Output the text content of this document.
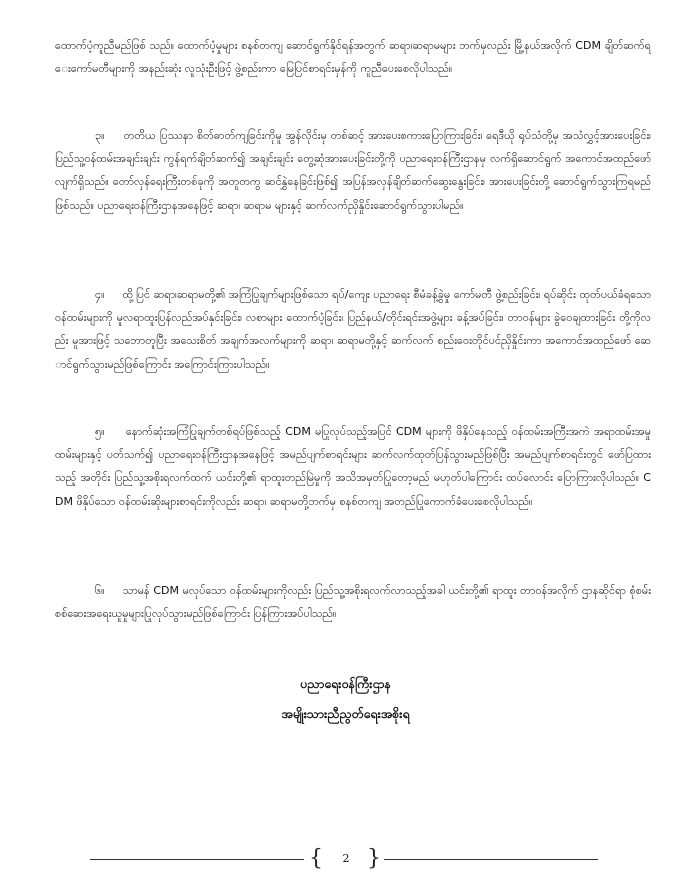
ထောက်ပံ့ကူညီမည်ဖြစ် သည်။ ထောက်ပံ့မှုများ စနစ်တကျ ဆောင်ရွက်နိုင်ရန်အတွက် ဆရာ၊ဆရာမများ ဘက်မှလည်း မြို့နယ်အလိုက် CDM ချိတ်ဆက်ရေးကော်မတီများကို အနည်းဆုံး လူသုံးဦးဖြင့် ဖွဲ့စည်းကာ မြေပြင်စာရင်းမှန်ကို ကူညီပေးစေလိုပါသည်။

၃။ တတိယ ပြဿနာ စိတ်ဓာတ်ကျခြင်းကိုမူ အွန်လိုင်းမှ တစ်ဆင့် အားပေးစကားပြောကြားခြင်း၊ ရေဒီယို ရုပ်သံတို့မှ အသံလွှင့်အားပေးခြင်း၊ ပြည်သူ့ဝန်ထမ်းအချင်းချင်း ကွန်ရက်ချိတ်ဆက်၍ အချင်းချင်း တွေ့ဆုံအားပေးခြင်းတို့ကို ပညာရေးဝန်ကြီးဌာနမှ လက်ရှိဆောင်ရွက် အကောင်အထည်ဖော်လျက်ရှိသည်။ တော်လှန်ရေးကြီးတစ်ခုကို အတူတကွ ဆင်နွှဲနေခြင်းဖြစ်၍ အပြန်အလှန်ချိတ်ဆက်ဆွေးနွေးခြင်း၊ အားပေးခြင်းတို့ ဆောင်ရွက်သွားကြရမည်ဖြစ်သည်။ ပညာရေးဝန်ကြီးဌာနအနေဖြင့် ဆရာ၊ ဆရာမ များနှင့် ဆက်လက်ညှိနှိုင်းဆောင်ရွက်သွားပါမည်။

၄။ ထို့ပြင် ဆရာ၊ဆရာမတို့၏ အကြံပြုချက်များဖြစ်သော ရပ်/ကျေး ပညာရေး စီမံခန့်ခွဲမှု ကော်မတီ ဖွဲ့စည်းခြင်း၊ ရပ်ဆိုင်း ထုတ်ပယ်ခံရသော ဝန်ထမ်းများကို မူလရာထူးပြန်လည်အပ်နှင်းခြင်း၊ လစာများ ထောက်ပံ့ခြင်း၊ ပြည်နယ်/တိုင်းရင်းအဖွဲ့များ ခန့်အပ်ခြင်း၊ တာဝန်များ ခွဲဝေချထားခြင်း တို့ကိုလည်း မူအားဖြင့် သဘောတူပြီး အသေးစိတ် အချက်အလက်များကို ဆရာ၊ ဆရာမတို့နှင့် ဆက်လက် စည်းဝေးတိုင်ပင်ညှိနှိုင်းကာ အကောင်အထည်ဖော် ဆောင်ရွက်သွားမည်ဖြစ်ကြောင်း အကြောင်းကြားပါသည်။

၅။ နောက်ဆုံးအကြံပြုချက်တစ်ရပ်ဖြစ်သည့် CDM မပြုလုပ်သည့်အပြင် CDM များကို ဖိနှိပ်နေသည့် ဝန်ထမ်းအကြီးအကဲ အရာထမ်းအမှုထမ်းများနှင့် ပတ်သက်၍ ပညာရေးဝန်ကြီးဌာနအနေဖြင့် အမည်ပျက်စာရင်းများ ဆက်လက်ထုတ်ပြန်သွားမည်ဖြစ်ပြီး အမည်ပျက်စာရင်းတွင် ဖော်ပြထားသည့် အတိုင်း ပြည်သူ့အစိုးရလက်ထက် ယင်းတို့၏ ရာထူးတည်မြဲမှုကို အသိအမှတ်ပြုတော့မည် မဟုတ်ပါကြောင်း ထပ်လောင်း ပြောကြားလိုပါသည်။ CDM ဖိနှိပ်သော ဝန်ထမ်းဆိုးများစာရင်းကိုလည်း ဆရာ၊ ဆရာမတို့ဘက်မှ စနစ်တကျ အတည်ပြုကောက်ခံပေးစေလိုပါသည်။

၆။ သာမန် CDM မလုပ်သော ဝန်ထမ်းများကိုလည်း ပြည်သူ့အစိုးရလက်လာသည့်အခါ ယင်းတို့၏ ရာထူး တာဝန်အလိုက် ဌာနဆိုင်ရာ စုံစမ်းစစ်ဆေးအရေးယူမှုများပြုလုပ်သွားမည်ဖြစ်ကြောင်း ပြန်ကြားအပ်ပါသည်။

ပညာရေးဝန်ကြီးဌာန

အမျိုးသားညီညွတ်ရေးအစိုးရ

{	2 }
